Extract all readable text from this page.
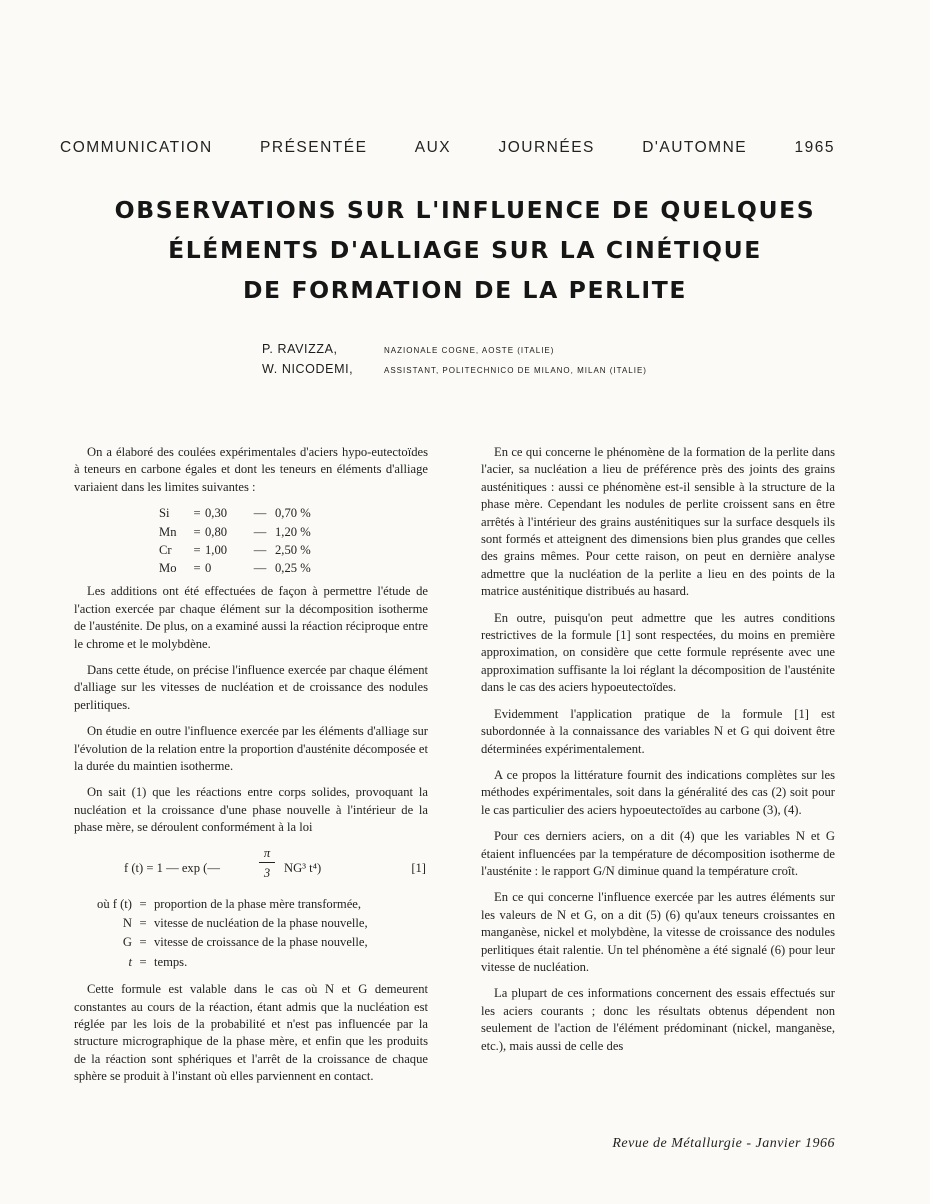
COMMUNICATION	PRÉSENTÉE	AUX	JOURNÉES	D'AUTOMNE	1965
OBSERVATIONS SUR L'INFLUENCE DE QUELQUES
ÉLÉMENTS D'ALLIAGE SUR LA CINÉTIQUE
DE FORMATION DE LA PERLITE
P. RAVIZZA,	NAZIONALE COGNE, AOSTE (ITALIE)
W. NICODEMI,	ASSISTANT, POLITECHNICO DE MILANO, MILAN (ITALIE)

On a élaboré des coulées expérimentales d'aciers hypo-eutectoïdes à teneurs en carbone égales et dont les teneurs en éléments d'alliage variaient dans les limites suivantes :

Si	= 0,30	— 0,70 %
Mn	= 0,80	— 1,20 %
Cr	= 1,00	— 2,50 %
Mo	= 0	— 0,25 %

Les additions ont été effectuées de façon à permettre l'étude de l'action exercée par chaque élément sur la décomposition isotherme de l'austénite. De plus, on a examiné aussi la réaction réciproque entre le chrome et le molybdène.

Dans cette étude, on précise l'influence exercée par chaque élément d'alliage sur les vitesses de nucléation et de croissance des nodules perlitiques.

On étudie en outre l'influence exercée par les éléments d'alliage sur l'évolution de la relation entre la proportion d'austénite décomposée et la durée du maintien isotherme.

On sait (1) que les réactions entre corps solides, provoquant la nucléation et la croissance d'une phase nouvelle à l'intérieur de la phase mère, se déroulent conformément à la loi

f (t) = 1 — exp (—	$\frac{\pi}{3} NG^3$ t⁴)	[1]
où f (t) = proportion de la phase mère transformée,
N = vitesse de nucléation de la phase nouvelle,
G = vitesse de croissance de la phase nouvelle,
t = temps.

Cette formule est valable dans le cas où N et G demeurent constantes au cours de la réaction, étant admis que la nucléation est réglée par les lois de la probabilité et n'est pas influencée par la structure micrographique de la phase mère, et enfin que les produits de la réaction sont sphériques et l'arrêt de la croissance de chaque sphère se produit à l'instant où elles parviennent en contact.

En ce qui concerne le phénomène de la formation de la perlite dans l'acier, sa nucléation a lieu de préférence près des joints des grains austénitiques : aussi ce phénomène est-il sensible à la structure de la phase mère. Cependant les nodules de perlite croissent sans en être arrêtés à l'intérieur des grains austénitiques sur la surface desquels ils sont formés et atteignent des dimensions bien plus grandes que celles des grains mêmes. Pour cette raison, on peut en dernière analyse admettre que la nucléation de la perlite a lieu en des points de la matrice austénitique distribués au hasard.

En outre, puisqu'on peut admettre que les autres conditions restrictives de la formule [1] sont respectées, du moins en première approximation, on considère que cette formule représente avec une approximation suffisante la loi réglant la décomposition de l'austénite dans le cas des aciers hypoeutectoïdes.

Evidemment l'application pratique de la formule [1] est subordonnée à la connaissance des variables N et G qui doivent être déterminées expérimentalement.

A ce propos la littérature fournit des indications complètes sur les méthodes expérimentales, soit dans la généralité des cas (2) soit pour le cas particulier des aciers hypoeutectoïdes au carbone (3), (4).

Pour ces derniers aciers, on a dit (4) que les variables N et G étaient influencées par la température de décomposition isotherme de l'austénite : le rapport G/N diminue quand la température croît.

En ce qui concerne l'influence exercée par les autres éléments sur les valeurs de N et G, on a dit (5) (6) qu'aux teneurs croissantes en manganèse, nickel et molybdène, la vitesse de croissance des nodules perlitiques était ralentie. Un tel phénomène a été signalé (6) pour leur vitesse de nucléation.

La plupart de ces informations concernent des essais effectués sur les aciers courants ; donc les résultats obtenus dépendent non seulement de l'action de l'élément prédominant (nickel, manganèse, etc.), mais aussi de celle des

Revue de Métallurgie - Janvier 1966
